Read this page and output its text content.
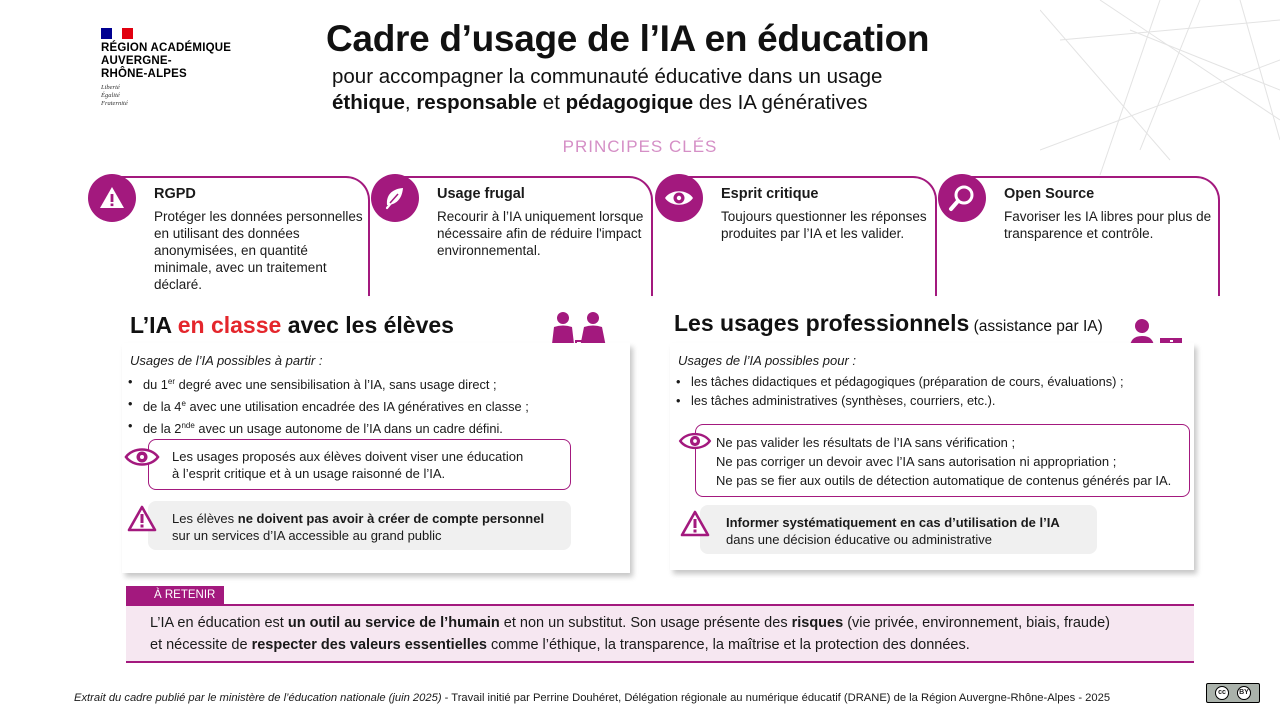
RÉGION ACADÉMIQUE
AUVERGNE-
RHÔNE-ALPES
Liberté
Égalité
Fraternité
Cadre d’usage de l’IA en éducation
pour accompagner la communauté éducative dans un usage
éthique, responsable et pédagogique des IA génératives
PRINCIPES CLÉS
RGPD
Protéger les données personnelles en utilisant des données anonymisées, en quantité minimale, avec un traitement déclaré.
Usage frugal
Recourir à l’IA uniquement lorsque nécessaire afin de réduire l'impact environnemental.
Esprit critique
Toujours questionner les réponses produites par l’IA et les valider.
Open Source
Favoriser les IA libres pour plus de transparence et contrôle.
L’IA en classe avec les élèves
Usages de l’IA possibles à partir :
• du 1er degré avec une sensibilisation à l’IA, sans usage direct ;
• de la 4e avec une utilisation encadrée des IA génératives en classe ;
• de la 2nde avec un usage autonome de l’IA dans un cadre défini.
Les usages proposés aux élèves doivent viser une éducation
à l’esprit critique et à un usage raisonné de l’IA.
Les élèves ne doivent pas avoir à créer de compte personnel
sur un services d’IA accessible au grand public
Les usages professionnels (assistance par IA)
Usages de l’IA possibles pour :
• les tâches didactiques et pédagogiques (préparation de cours, évaluations) ;
• les tâches administratives (synthèses, courriers, etc.).
Ne pas valider les résultats de l’IA sans vérification ;
Ne pas corriger un devoir avec l’IA sans autorisation ni appropriation ;
Ne pas se fier aux outils de détection automatique de contenus générés par IA.
Informer systématiquement en cas d’utilisation de l’IA
dans une décision éducative ou administrative
À RETENIR
L’IA en éducation est un outil au service de l’humain et non un substitut. Son usage présente des risques (vie privée, environnement, biais, fraude)
et nécessite de respecter des valeurs essentielles comme l’éthique, la transparence, la maîtrise et la protection des données.
Extrait du cadre publié par le ministère de l’éducation nationale (juin 2025) - Travail initié par Perrine Douhéret, Délégation régionale au numérique éducatif (DRANE) de la Région Auvergne-Rhône-Alpes - 2025	cc	BY
